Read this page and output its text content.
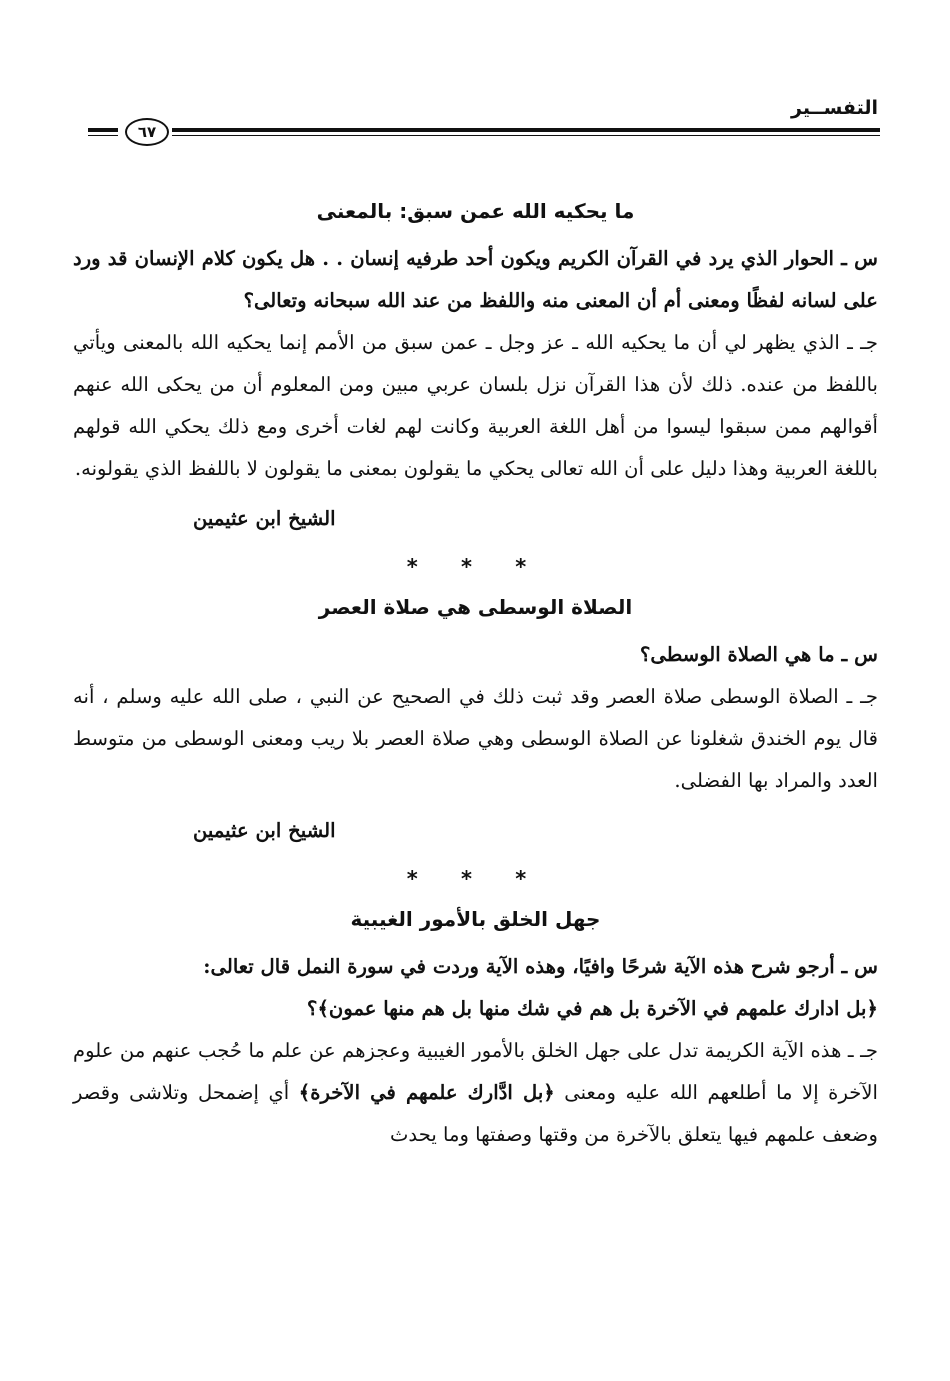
التفســير
٦٧

ما يحكيه الله عمن سبق: بالمعنى

س ـ الحوار الذي يرد في القرآن الكريم ويكون أحد طرفيه إنسان . . هل يكون كلام الإنسان قد ورد على لسانه لفظًا ومعنى أم أن المعنى منه واللفظ من عند الله سبحانه وتعالى؟

جـ ـ الذي يظهر لي أن ما يحكيه الله ـ عز وجل ـ عمن سبق من الأمم إنما يحكيه الله بالمعنى ويأتي باللفظ من عنده. ذلك لأن هذا القرآن نزل بلسان عربي مبين ومن المعلوم أن من يحكى الله عنهم أقوالهم ممن سبقوا ليسوا من أهل اللغة العربية وكانت لهم لغات أخرى ومع ذلك يحكي الله قولهم باللغة العربية وهذا دليل على أن الله تعالى يحكي ما يقولون بمعنى ما يقولون لا باللفظ الذي يقولونه.

الشيخ ابن عثيمين

* * *

الصلاة الوسطى هي صلاة العصر

س ـ ما هي الصلاة الوسطى؟

جـ ـ الصلاة الوسطى صلاة العصر وقد ثبت ذلك في الصحيح عن النبي ، صلى الله عليه وسلم ، أنه قال يوم الخندق شغلونا عن الصلاة الوسطى وهي صلاة العصر بلا ريب ومعنى الوسطى من متوسط العدد والمراد بها الفضلى.

الشيخ ابن عثيمين

* * *

جهل الخلق بالأمور الغيبية

س ـ أرجو شرح هذه الآية شرحًا وافيًا، وهذه الآية وردت في سورة النمل قال تعالى:
﴿بل ادارك علمهم في الآخرة بل هم في شك منها بل هم منها عمون﴾؟

جـ ـ هذه الآية الكريمة تدل على جهل الخلق بالأمور الغيبية وعجزهم عن علم ما حُجب عنهم من علوم الآخرة إلا ما أطلعهم الله عليه ومعنى ﴿بل ادَّارك علمهم في الآخرة﴾ أي إضمحل وتلاشى وقصر وضعف علمهم فيها يتعلق بالآخرة من وقتها وصفتها وما يحدث
